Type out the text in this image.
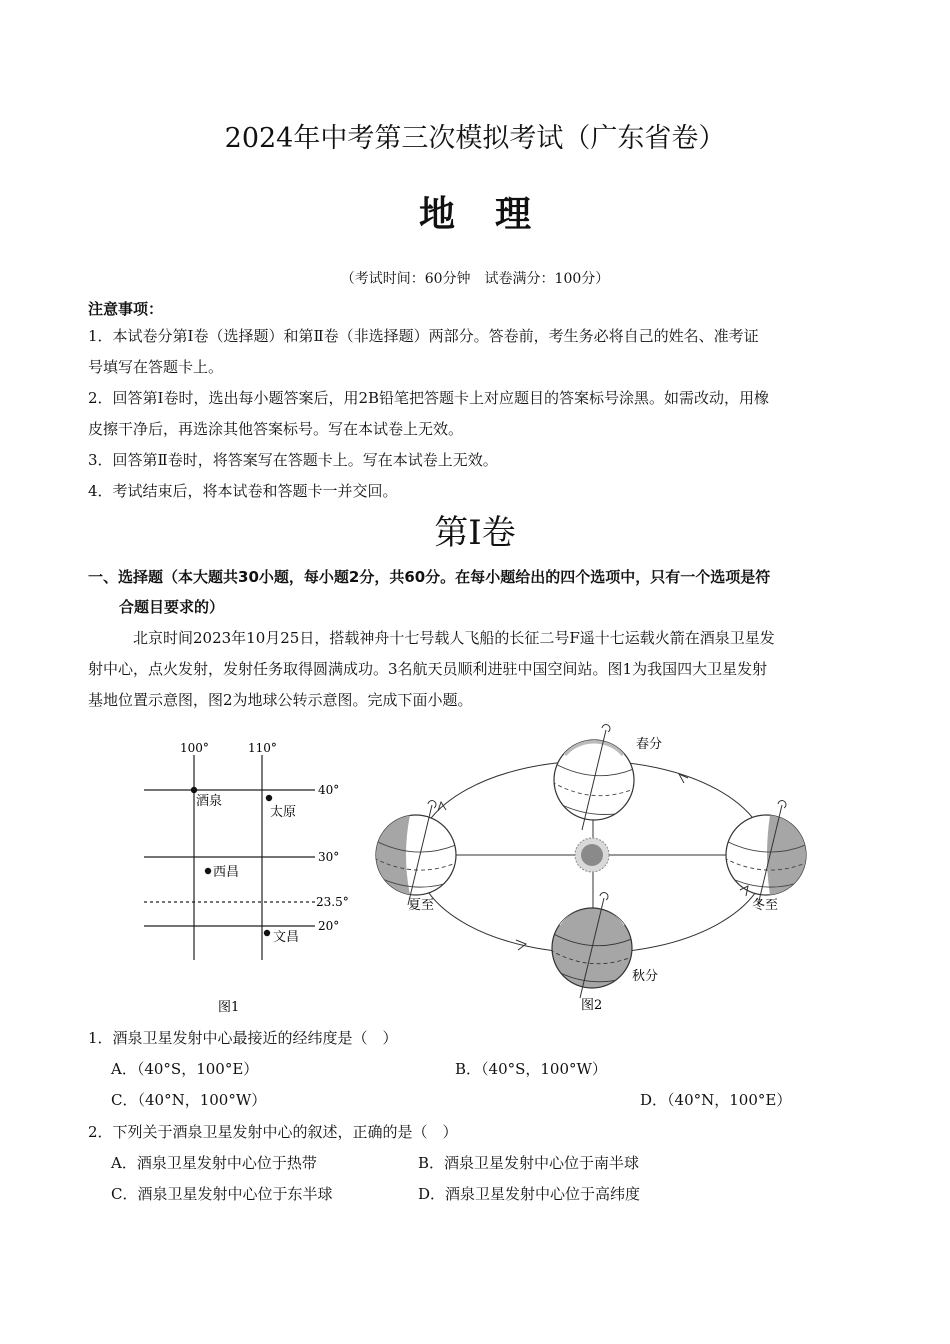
2024年中考第三次模拟考试（广东省卷）
地理
（考试时间：60分钟　试卷满分：100分）
注意事项：
1．本试卷分第Ⅰ卷（选择题）和第Ⅱ卷（非选择题）两部分。答卷前，考生务必将自己的姓名、准考证
号填写在答题卡上。
2．回答第Ⅰ卷时，选出每小题答案后，用2B铅笔把答题卡上对应题目的答案标号涂黑。如需改动，用橡
皮擦干净后，再选涂其他答案标号。写在本试卷上无效。
3．回答第Ⅱ卷时，将答案写在答题卡上。写在本试卷上无效。
4．考试结束后，将本试卷和答题卡一并交回。
第Ⅰ卷
一、选择题（本大题共30小题，每小题2分，共60分。在每小题给出的四个选项中，只有一个选项是符
合题目要求的）
北京时间2023年10月25日，搭载神舟十七号载人飞船的长征二号F遥十七运载火箭在酒泉卫星发
射中心，点火发射，发射任务取得圆满成功。3名航天员顺利进驻中国空间站。图1为我国四大卫星发射
基地位置示意图，图2为地球公转示意图。完成下面小题。
100°	110°
40°
30°
23.5°
20°
酒泉
太原
西昌
文昌
图1
春分
夏至	冬至
秋分
图2
1．酒泉卫星发射中心最接近的经纬度是（　）
A．（40°S，100°E）	B．（40°S，100°W）
C．（40°N，100°W）	D．（40°N，100°E）
2．下列关于酒泉卫星发射中心的叙述，正确的是（　）
A．酒泉卫星发射中心位于热带	B．酒泉卫星发射中心位于南半球
C．酒泉卫星发射中心位于东半球	D．酒泉卫星发射中心位于高纬度
